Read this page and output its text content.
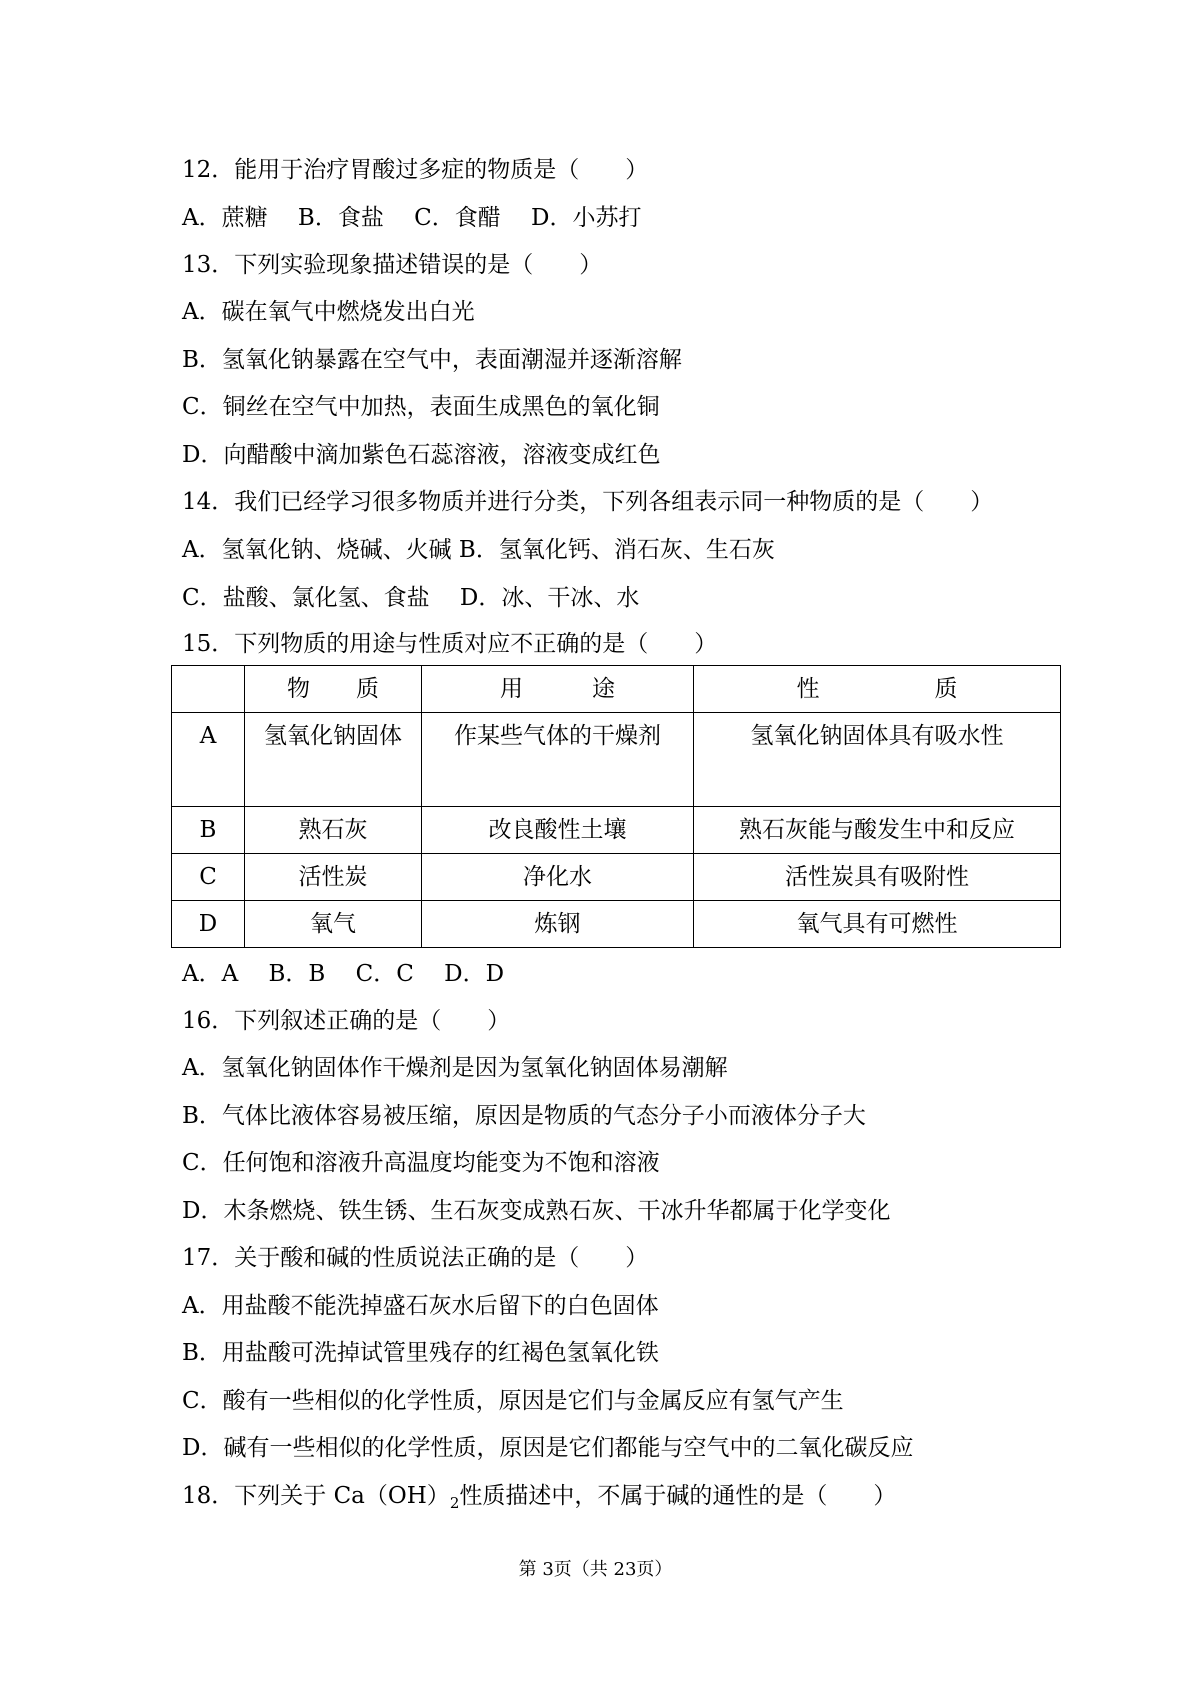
12．能用于治疗胃酸过多症的物质是（　　）
A．蔗糖　 B．食盐　 C．食醋　 D．小苏打
13．下列实验现象描述错误的是（　　）
A．碳在氧气中燃烧发出白光
B．氢氧化钠暴露在空气中，表面潮湿并逐渐溶解
C．铜丝在空气中加热，表面生成黑色的氧化铜
D．向醋酸中滴加紫色石蕊溶液，溶液变成红色
14．我们已经学习很多物质并进行分类，下列各组表示同一种物质的是（　　）
A．氢氧化钠、烧碱、火碱 B．氢氧化钙、消石灰、生石灰
C．盐酸、氯化氢、食盐　 D．冰、干冰、水
15．下列物质的用途与性质对应不正确的是（　　）
	物　　质	用　　　途	性　　　　　质
A	氢氧化钠固体	作某些气体的干燥剂	氢氧化钠固体具有吸水性
B	熟石灰	改良酸性土壤	熟石灰能与酸发生中和反应
C	活性炭	净化水	活性炭具有吸附性
D	氧气	炼钢	氧气具有可燃性
A．A　 B．B　 C．C　 D．D
16．下列叙述正确的是（　　）
A．氢氧化钠固体作干燥剂是因为氢氧化钠固体易潮解
B．气体比液体容易被压缩，原因是物质的气态分子小而液体分子大
C．任何饱和溶液升高温度均能变为不饱和溶液
D．木条燃烧、铁生锈、生石灰变成熟石灰、干冰升华都属于化学变化
17．关于酸和碱的性质说法正确的是（　　）
A．用盐酸不能洗掉盛石灰水后留下的白色固体
B．用盐酸可洗掉试管里残存的红褐色氢氧化铁
C．酸有一些相似的化学性质，原因是它们与金属反应有氢气产生
D．碱有一些相似的化学性质，原因是它们都能与空气中的二氧化碳反应
18．下列关于 $Ca(OH)_2$性质描述中，不属于碱的通性的是（　　）
第 3页（共 23页）
